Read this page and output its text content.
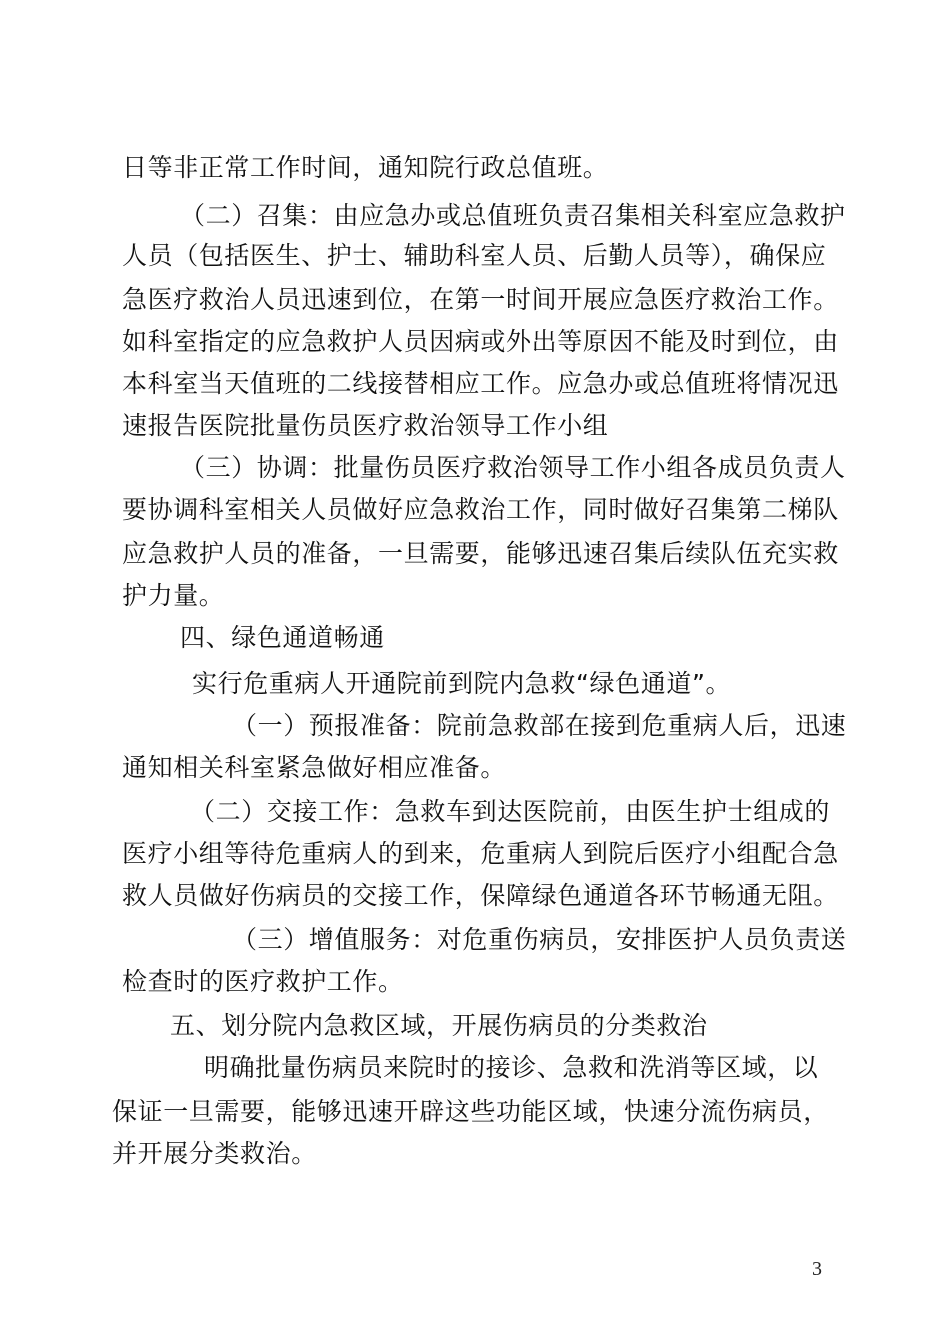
日等非正常工作时间，通知院行政总值班。

（二）召集：由应急办或总值班负责召集相关科室应急救护

人员（包括医生、护士、辅助科室人员、后勤人员等），确保应

急医疗救治人员迅速到位，在第一时间开展应急医疗救治工作。

如科室指定的应急救护人员因病或外出等原因不能及时到位，由

本科室当天值班的二线接替相应工作。应急办或总值班将情况迅

速报告医院批量伤员医疗救治领导工作小组

（三）协调：批量伤员医疗救治领导工作小组各成员负责人

要协调科室相关人员做好应急救治工作，同时做好召集第二梯队

应急救护人员的准备，一旦需要，能够迅速召集后续队伍充实救

护力量。

四、绿色通道畅通

实行危重病人开通院前到院内急救“绿色通道”。

（一）预报准备：院前急救部在接到危重病人后，迅速

通知相关科室紧急做好相应准备。

（二）交接工作：急救车到达医院前，由医生护士组成的

医疗小组等待危重病人的到来，危重病人到院后医疗小组配合急

救人员做好伤病员的交接工作，保障绿色通道各环节畅通无阻。

（三）增值服务：对危重伤病员，安排医护人员负责送

检查时的医疗救护工作。

五、划分院内急救区域，开展伤病员的分类救治

明确批量伤病员来院时的接诊、急救和洗消等区域，以

保证一旦需要，能够迅速开辟这些功能区域，快速分流伤病员，

并开展分类救治。

3
